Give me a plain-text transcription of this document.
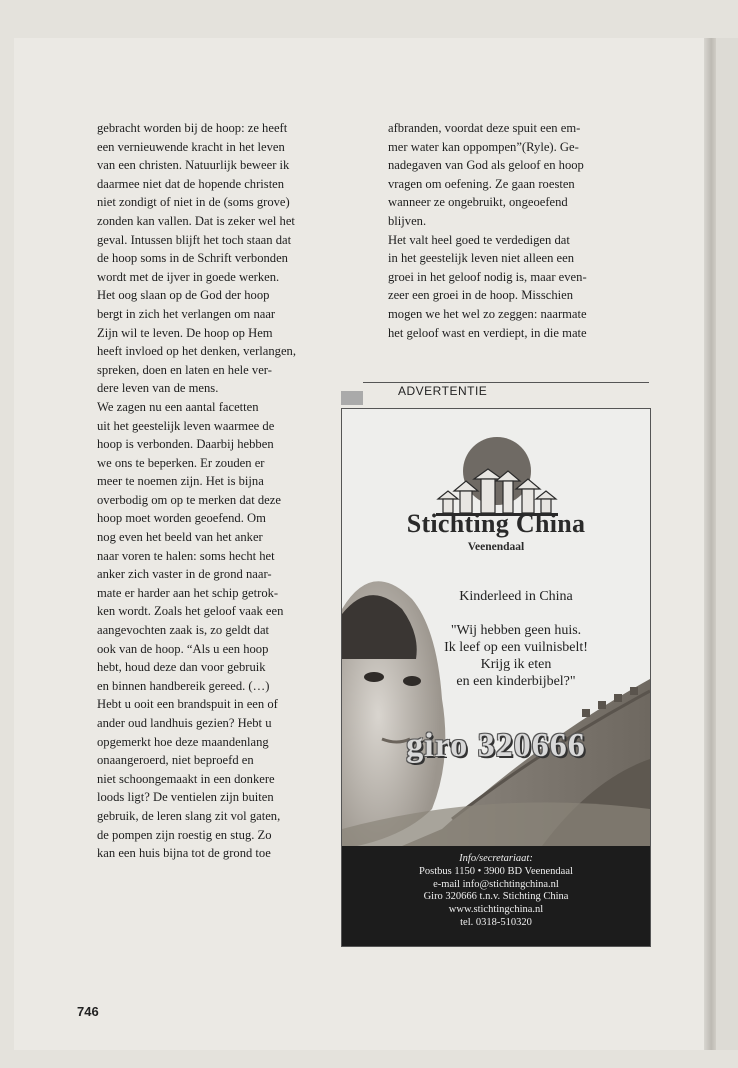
gebracht worden bij de hoop: ze heeft
een vernieuwende kracht in het leven
van een christen. Natuurlijk beweer ik
daarmee niet dat de hopende christen
niet zondigt of niet in de (soms grove)
zonden kan vallen. Dat is zeker wel het
geval. Intussen blijft het toch staan dat
de hoop soms in de Schrift verbonden
wordt met de ijver in goede werken.
Het oog slaan op de God der hoop
bergt in zich het verlangen om naar
Zijn wil te leven. De hoop op Hem
heeft invloed op het denken, verlangen,
spreken, doen en laten en hele ver-
dere leven van de mens.
We zagen nu een aantal facetten
uit het geestelijk leven waarmee de
hoop is verbonden. Daarbij hebben
we ons te beperken. Er zouden er
meer te noemen zijn. Het is bijna
overbodig om op te merken dat deze
hoop moet worden geoefend. Om
nog even het beeld van het anker
naar voren te halen: soms hecht het
anker zich vaster in de grond naar-
mate er harder aan het schip getrok-
ken wordt. Zoals het geloof vaak een
aangevochten zaak is, zo geldt dat
ook van de hoop. “Als u een hoop
hebt, houd deze dan voor gebruik
en binnen handbereik gereed. (…)
Hebt u ooit een brandspuit in een of
ander oud landhuis gezien? Hebt u
opgemerkt hoe deze maandenlang
onaangeroerd, niet beproefd en
niet schoongemaakt in een donkere
loods ligt? De ventielen zijn buiten
gebruik, de leren slang zit vol gaten,
de pompen zijn roestig en stug. Zo
kan een huis bijna tot de grond toe
afbranden, voordat deze spuit een em-
mer water kan oppompen”(Ryle). Ge-
nadegaven van God als geloof en hoop
vragen om oefening. Ze gaan roesten
wanneer ze ongebruikt, ongeoefend
blijven.
Het valt heel goed te verdedigen dat
in het geestelijk leven niet alleen een
groei in het geloof nodig is, maar even-
zeer een groei in de hoop. Misschien
mogen we het wel zo zeggen: naarmate
het geloof wast en verdiept, in die mate
ADVERTENTIE
Stichting China
Veenendaal
Kinderleed in China
"Wij hebben geen huis.
Ik leef op een vuilnisbelt!
Krijg ik eten
en een kinderbijbel?"
giro 320666
Info/secretariaat:
Postbus 1150 • 3900 BD Veenendaal
e-mail info@stichtingchina.nl
Giro 320666 t.n.v. Stichting China
www.stichtingchina.nl
tel. 0318-510320
746
